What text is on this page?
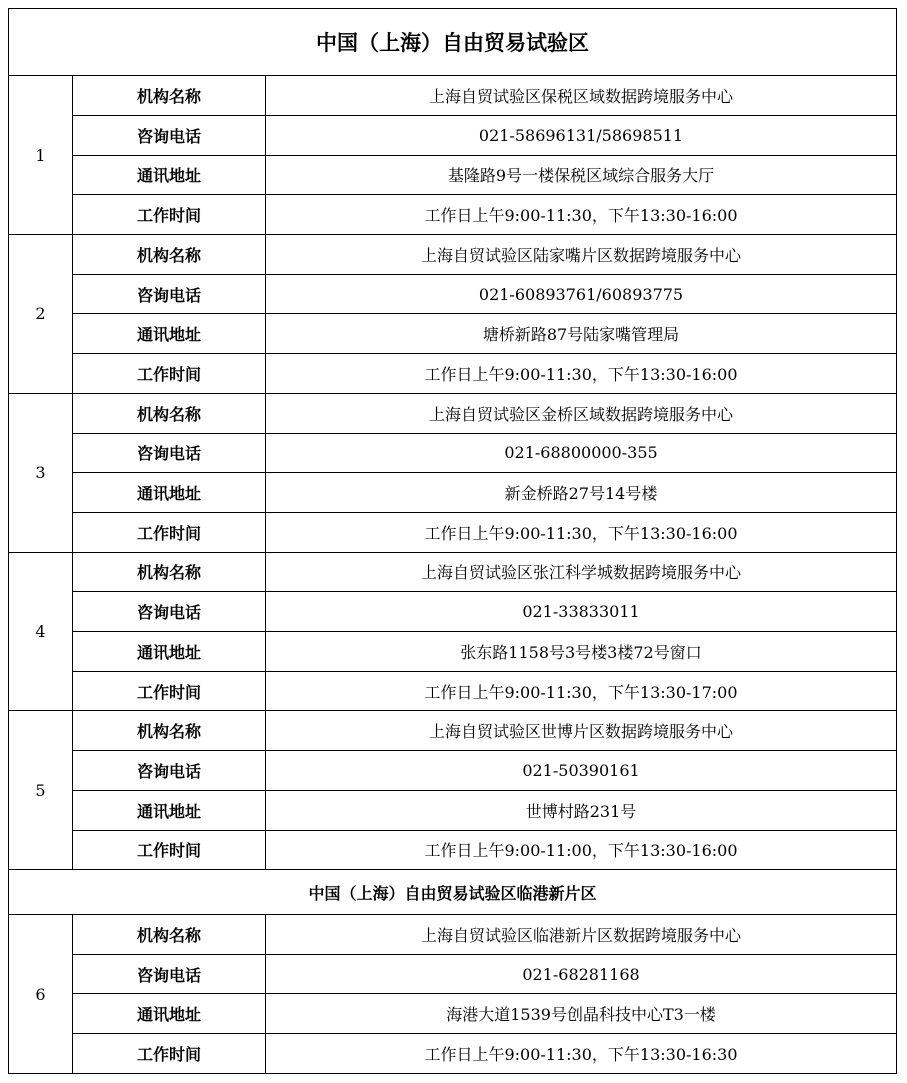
中国（上海）自由贸易试验区		
1	机构名称	上海自贸试验区保税区域数据跨境服务中心
	咨询电话	021-58696131/58698511
	通讯地址	基隆路9号一楼保税区域综合服务大厅
	工作时间	工作日上午9:00-11:30，下午13:30-16:00
2	机构名称	上海自贸试验区陆家嘴片区数据跨境服务中心
	咨询电话	021-60893761/60893775
	通讯地址	塘桥新路87号陆家嘴管理局
	工作时间	工作日上午9:00-11:30，下午13:30-16:00
3	机构名称	上海自贸试验区金桥区域数据跨境服务中心
	咨询电话	021-68800000-355
	通讯地址	新金桥路27号14号楼
	工作时间	工作日上午9:00-11:30，下午13:30-16:00
4	机构名称	上海自贸试验区张江科学城数据跨境服务中心
	咨询电话	021-33833011
	通讯地址	张东路1158号3号楼3楼72号窗口
	工作时间	工作日上午9:00-11:30，下午13:30-17:00
5	机构名称	上海自贸试验区世博片区数据跨境服务中心
	咨询电话	021-50390161
	通讯地址	世博村路231号
	工作时间	工作日上午9:00-11:00，下午13:30-16:00
中国（上海）自由贸易试验区临港新片区		
6	机构名称	上海自贸试验区临港新片区数据跨境服务中心
	咨询电话	021-68281168
	通讯地址	海港大道1539号创晶科技中心T3一楼
	工作时间	工作日上午9:00-11:30，下午13:30-16:30
